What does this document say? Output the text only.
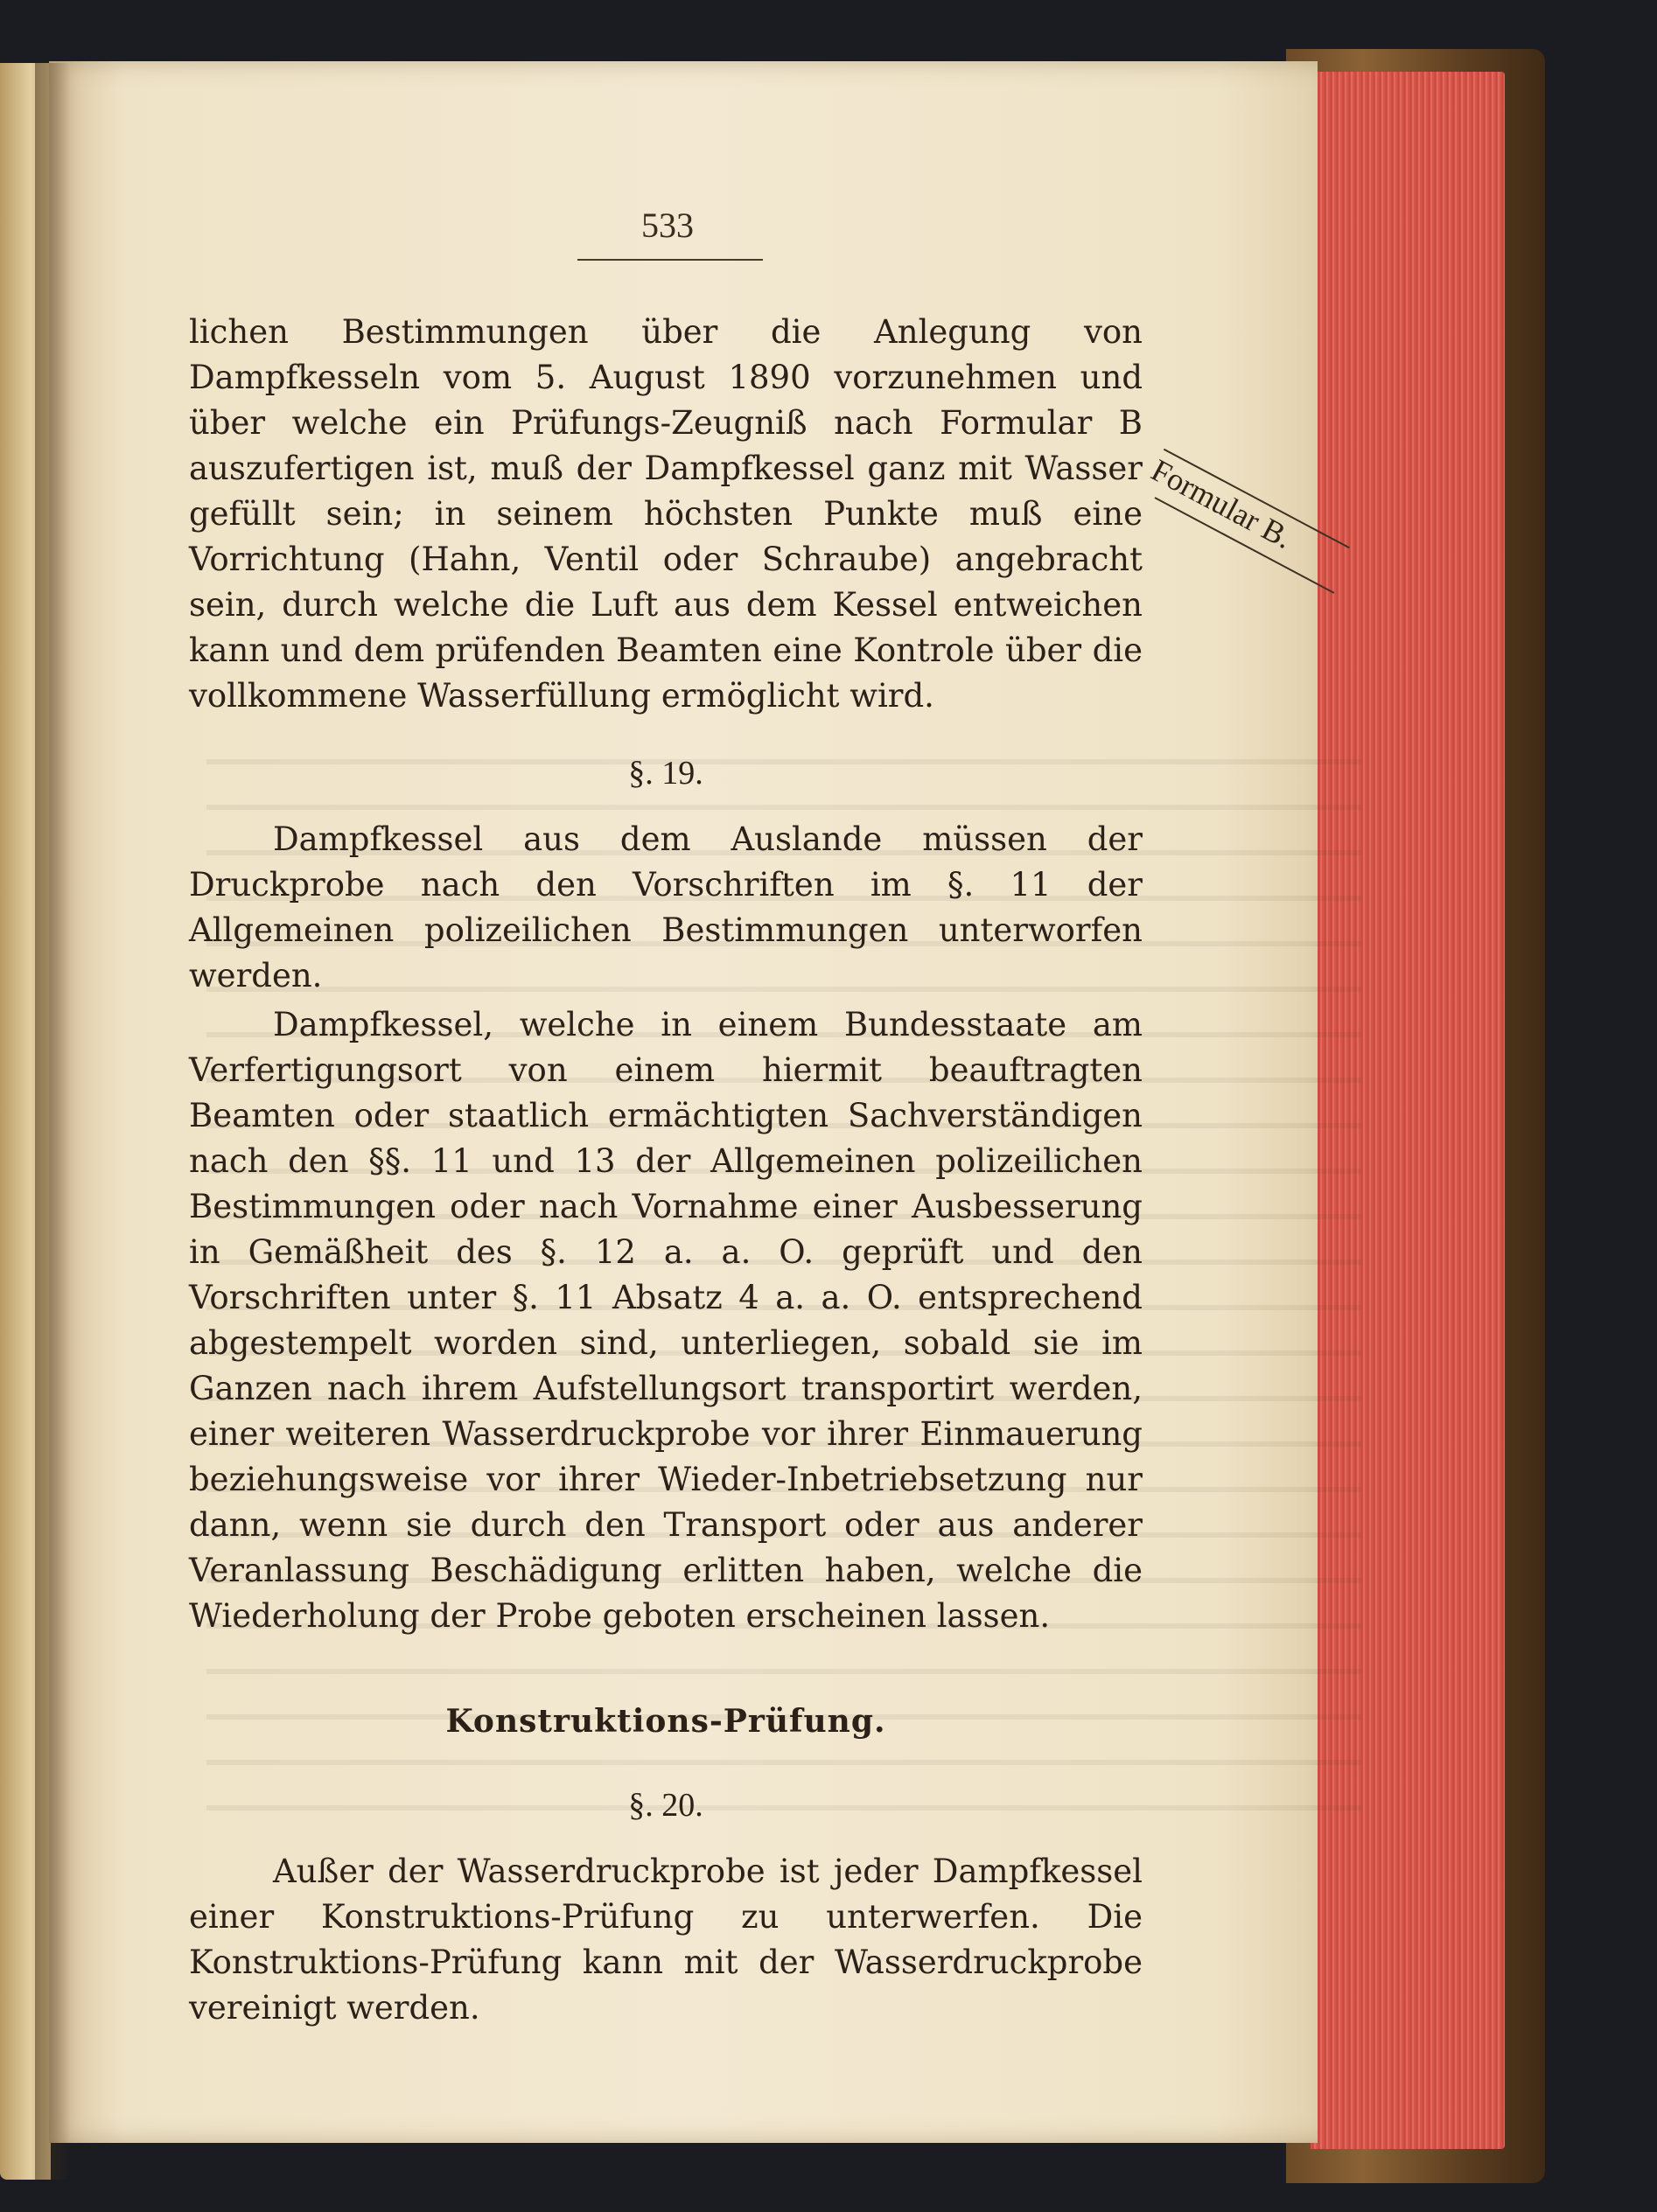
533
Formular B.

lichen Bestimmungen über die Anlegung von Dampfkesseln vom 5. August 1890 vorzunehmen und über welche ein Prüfungs-Zeugniß nach Formular B auszufertigen ist, muß der Dampfkessel ganz mit Wasser gefüllt sein; in seinem höchsten Punkte muß eine Vorrichtung (Hahn, Ventil oder Schraube) angebracht sein, durch welche die Luft aus dem Kessel entweichen kann und dem prüfenden Beamten eine Kontrole über die vollkommene Wasserfüllung ermöglicht wird.

§. 19.

Dampfkessel aus dem Auslande müssen der Druckprobe nach den Vorschriften im §. 11 der Allgemeinen polizeilichen Bestimmungen unterworfen werden.

Dampfkessel, welche in einem Bundesstaate am Verfertigungsort von einem hiermit beauftragten Beamten oder staatlich ermächtigten Sachverständigen nach den §§. 11 und 13 der Allgemeinen polizeilichen Bestimmungen oder nach Vornahme einer Ausbesserung in Gemäßheit des §. 12 a. a. O. geprüft und den Vorschriften unter §. 11 Absatz 4 a. a. O. entsprechend abgestempelt worden sind, unterliegen, sobald sie im Ganzen nach ihrem Aufstellungsort transportirt werden, einer weiteren Wasserdruckprobe vor ihrer Einmauerung beziehungsweise vor ihrer Wieder-Inbetriebsetzung nur dann, wenn sie durch den Transport oder aus anderer Veranlassung Beschädigung erlitten haben, welche die Wiederholung der Probe geboten erscheinen lassen.

Konstruktions-Prüfung.

§. 20.

Außer der Wasserdruckprobe ist jeder Dampfkessel einer Konstruktions-Prüfung zu unterwerfen. Die Konstruktions-Prüfung kann mit der Wasserdruckprobe vereinigt werden.
